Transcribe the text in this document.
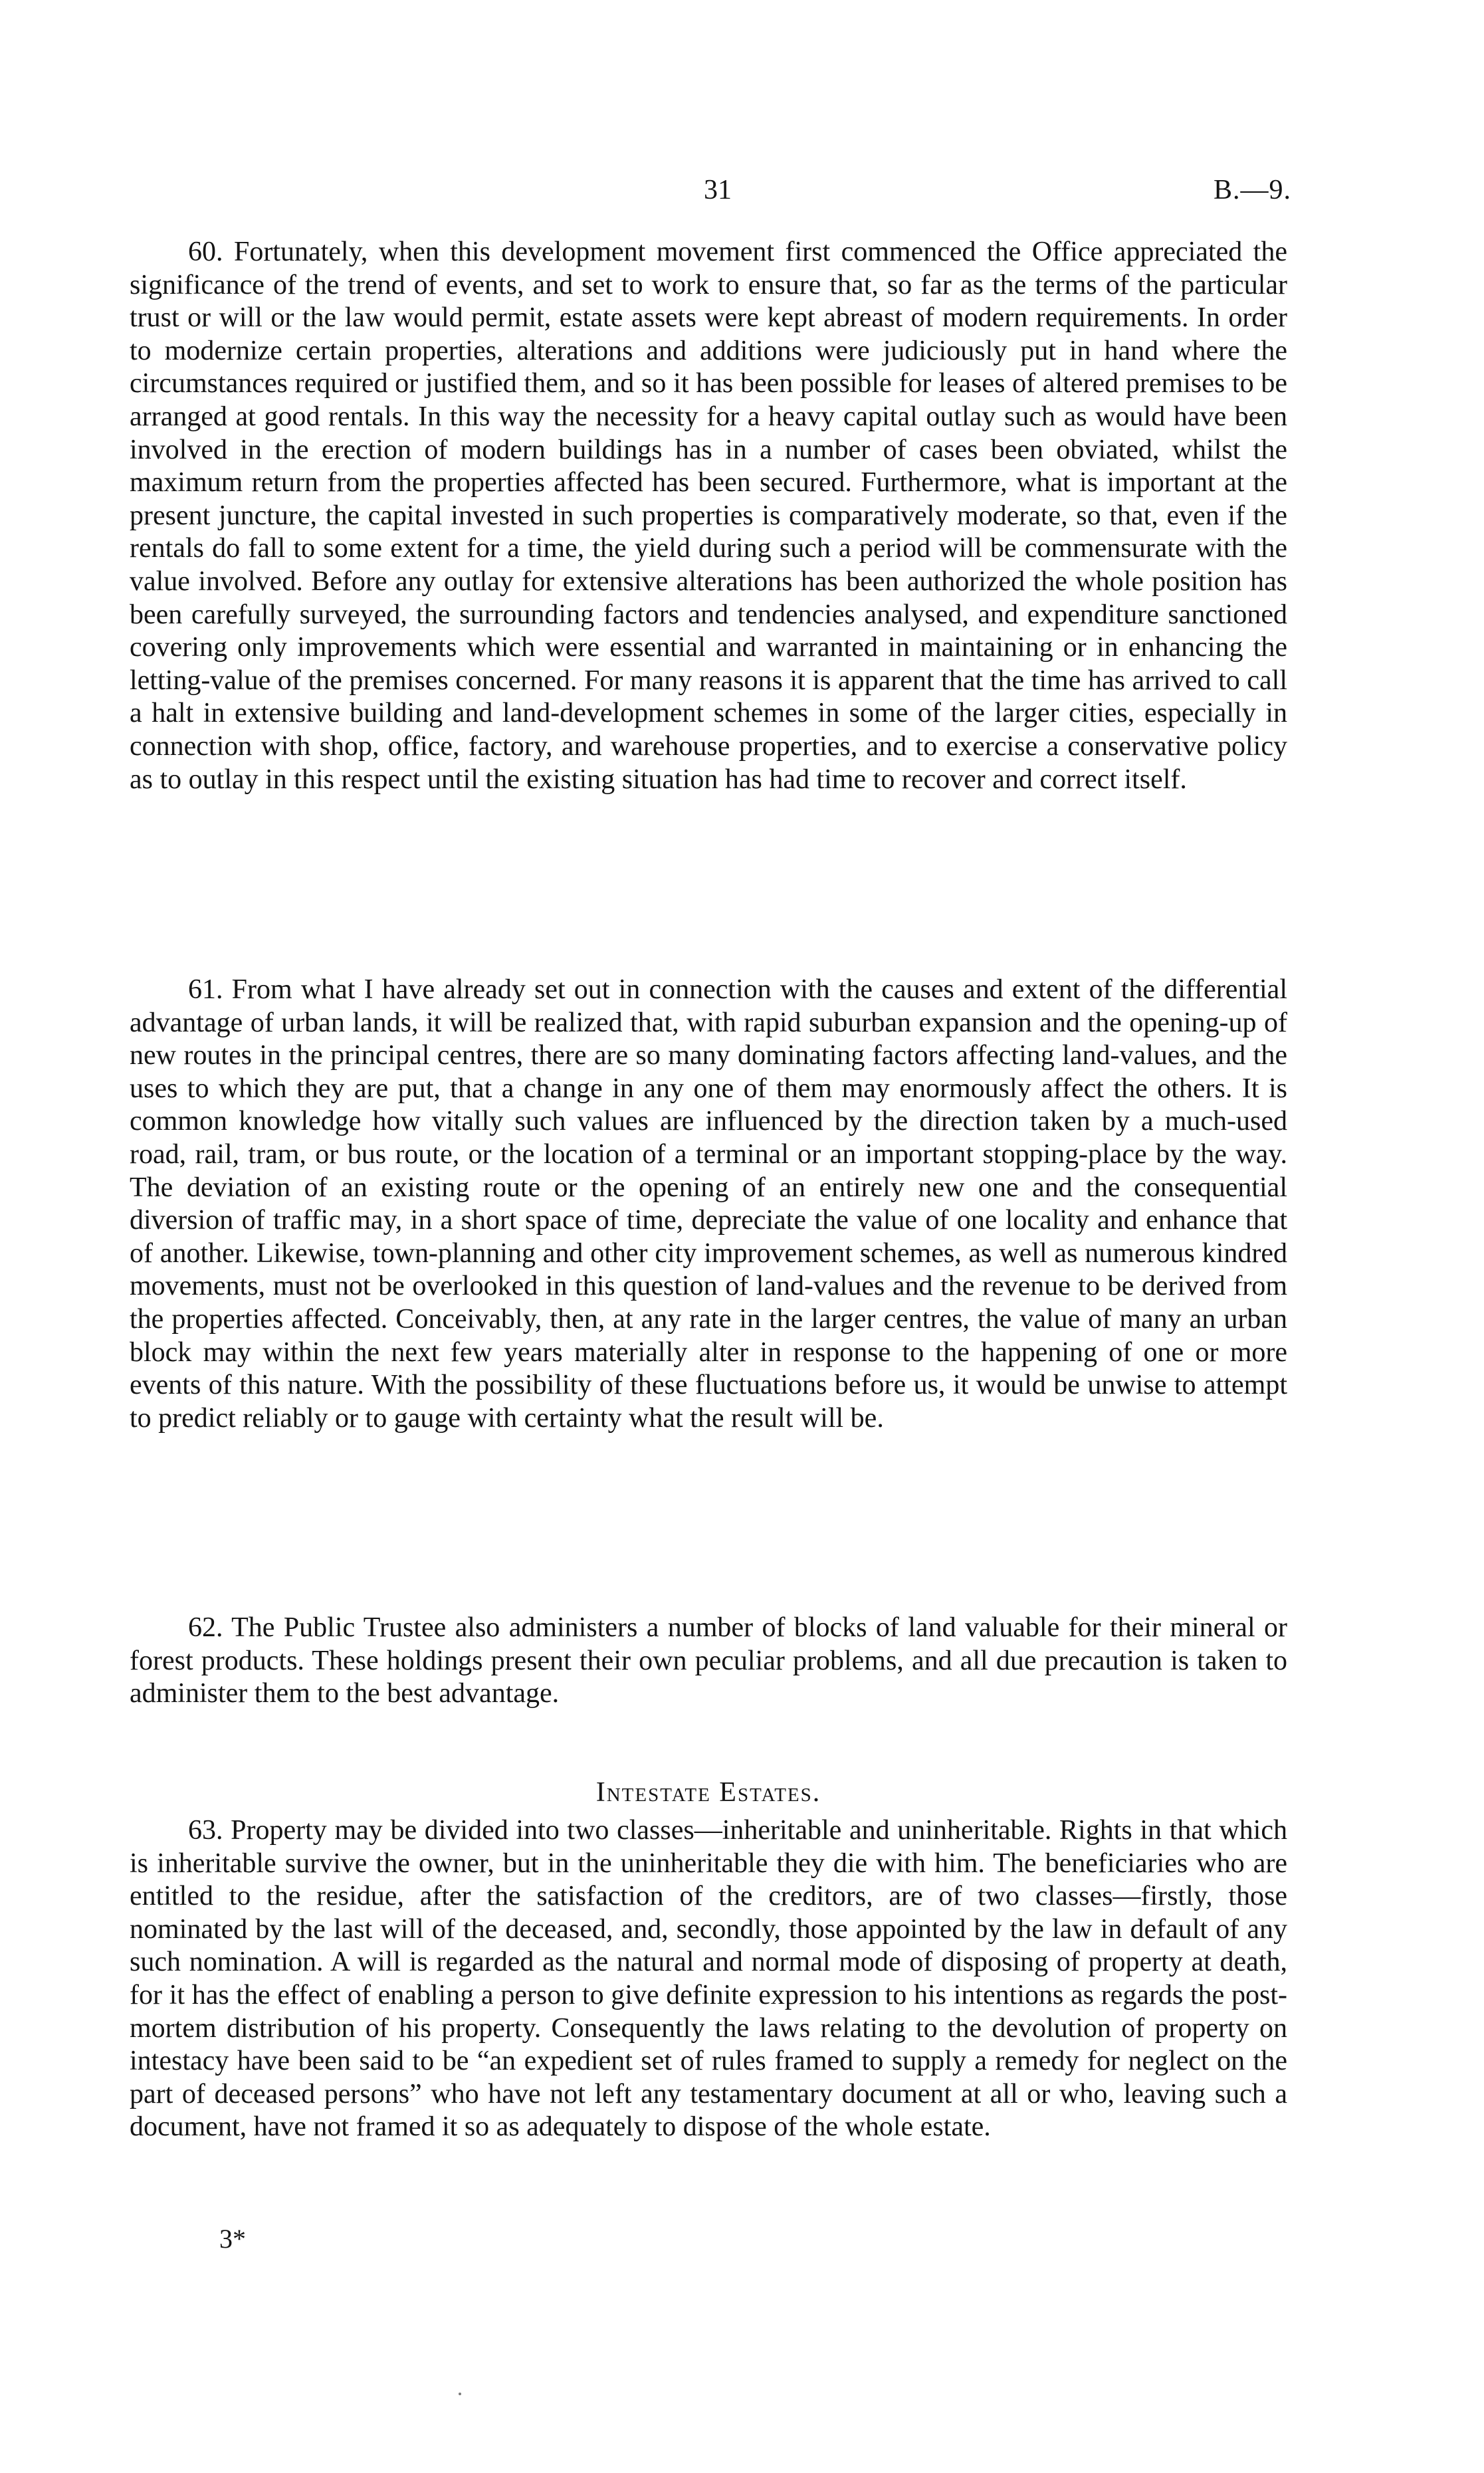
31	B.—9.

60. Fortunately, when this development movement first commenced the Office appreciated the significance of the trend of events, and set to work to ensure that, so far as the terms of the particular trust or will or the law would permit, estate assets were kept abreast of modern requirements. In order to modernize certain properties, alterations and additions were judiciously put in hand where the circumstances required or justified them, and so it has been possible for leases of altered premises to be arranged at good rentals. In this way the necessity for a heavy capital outlay such as would have been involved in the erection of modern buildings has in a number of cases been obviated, whilst the maximum return from the properties affected has been secured. Furthermore, what is important at the present juncture, the capital invested in such properties is comparatively moderate, so that, even if the rentals do fall to some extent for a time, the yield during such a period will be commensurate with the value involved. Before any outlay for extensive alterations has been authorized the whole position has been carefully surveyed, the surrounding factors and tendencies analysed, and expenditure sanctioned covering only improvements which were essential and warranted in maintaining or in enhancing the letting-value of the premises concerned. For many reasons it is apparent that the time has arrived to call a halt in extensive building and land-development schemes in some of the larger cities, especially in connection with shop, office, factory, and warehouse properties, and to exercise a conservative policy as to outlay in this respect until the existing situation has had time to recover and correct itself.

61. From what I have already set out in connection with the causes and extent of the differential advantage of urban lands, it will be realized that, with rapid suburban expansion and the opening-up of new routes in the principal centres, there are so many dominating factors affecting land-values, and the uses to which they are put, that a change in any one of them may enormously affect the others. It is common knowledge how vitally such values are influenced by the direction taken by a much-used road, rail, tram, or bus route, or the location of a terminal or an important stopping-place by the way. The deviation of an existing route or the opening of an entirely new one and the consequential diversion of traffic may, in a short space of time, depreciate the value of one locality and enhance that of another. Likewise, town-planning and other city improvement schemes, as well as numerous kindred movements, must not be overlooked in this question of land-values and the revenue to be derived from the properties affected. Conceivably, then, at any rate in the larger centres, the value of many an urban block may within the next few years materially alter in response to the happening of one or more events of this nature. With the possibility of these fluctuations before us, it would be unwise to attempt to predict reliably or to gauge with certainty what the result will be.

62. The Public Trustee also administers a number of blocks of land valuable for their mineral or forest products. These holdings present their own peculiar problems, and all due precaution is taken to administer them to the best advantage.

Intestate Estates.

63. Property may be divided into two classes—inheritable and uninheritable. Rights in that which is inheritable survive the owner, but in the uninheritable they die with him. The beneficiaries who are entitled to the residue, after the satisfaction of the creditors, are of two classes—firstly, those nominated by the last will of the deceased, and, secondly, those appointed by the law in default of any such nomination. A will is regarded as the natural and normal mode of disposing of property at death, for it has the effect of enabling a person to give definite expression to his intentions as regards the post-mortem distribution of his property. Consequently the laws relating to the devolution of property on intestacy have been said to be “an expedient set of rules framed to supply a remedy for neglect on the part of deceased persons” who have not left any testamentary document at all or who, leaving such a document, have not framed it so as adequately to dispose of the whole estate.

3*
